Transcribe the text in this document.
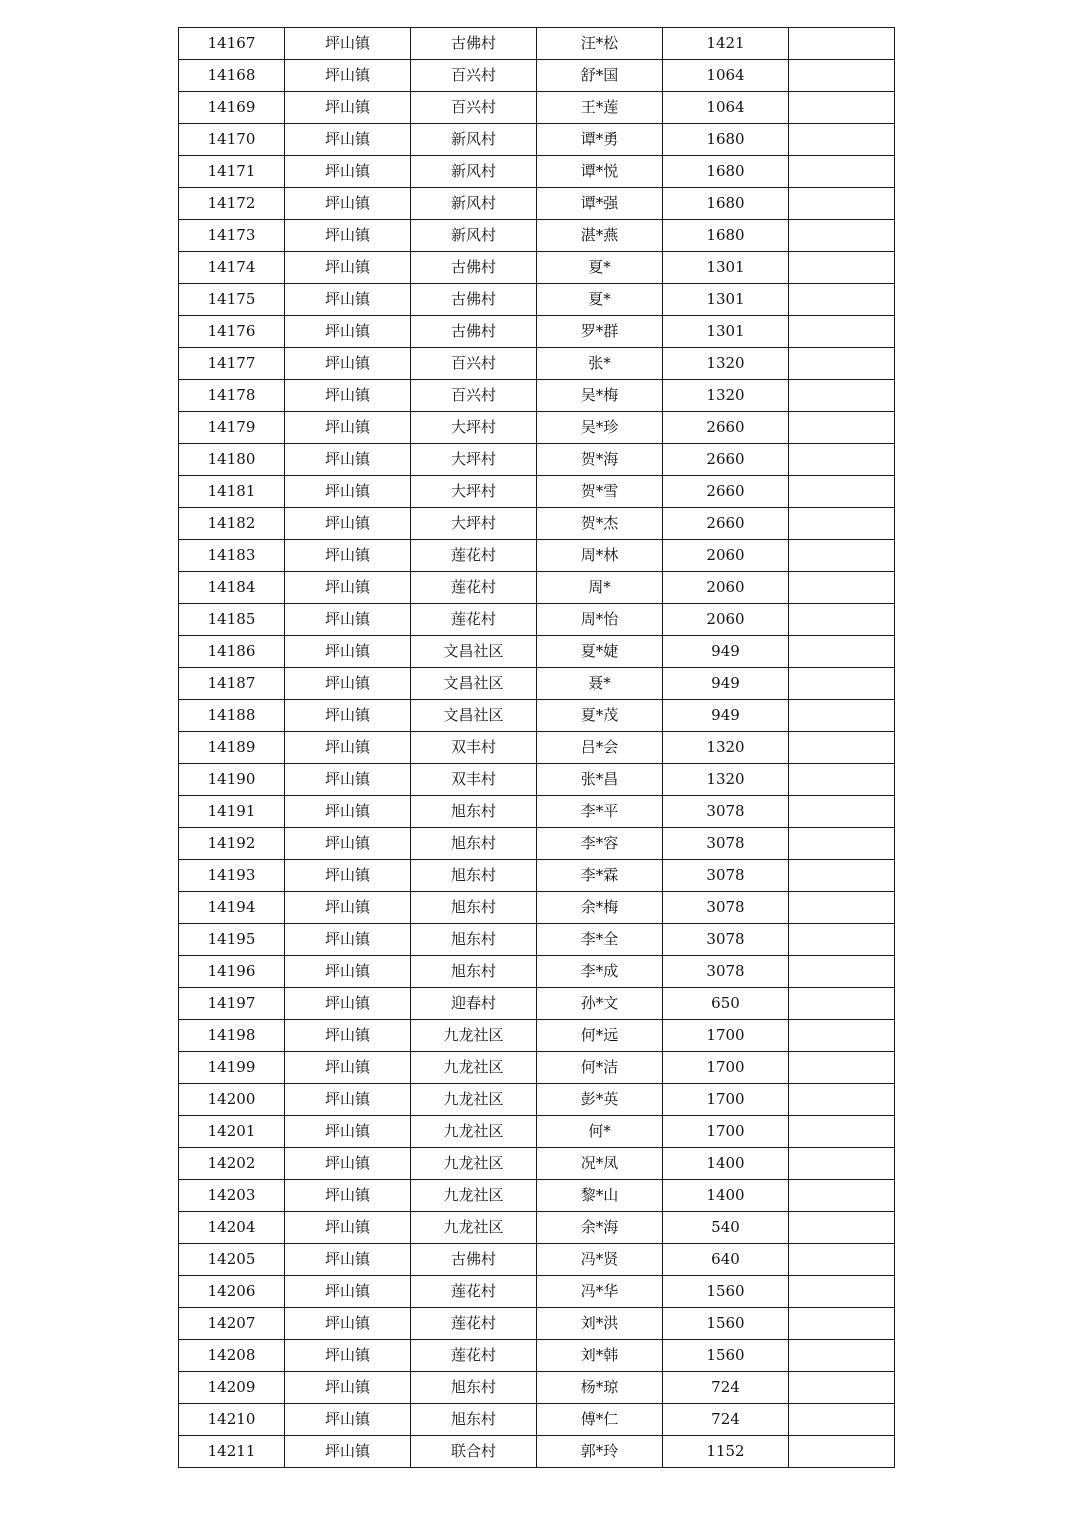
14167	坪山镇	古佛村	汪*松	1421	
14168	坪山镇	百兴村	舒*国	1064	
14169	坪山镇	百兴村	王*莲	1064	
14170	坪山镇	新风村	谭*勇	1680	
14171	坪山镇	新风村	谭*悦	1680	
14172	坪山镇	新风村	谭*强	1680	
14173	坪山镇	新风村	湛*燕	1680	
14174	坪山镇	古佛村	夏*	1301	
14175	坪山镇	古佛村	夏*	1301	
14176	坪山镇	古佛村	罗*群	1301	
14177	坪山镇	百兴村	张*	1320	
14178	坪山镇	百兴村	吴*梅	1320	
14179	坪山镇	大坪村	吴*珍	2660	
14180	坪山镇	大坪村	贺*海	2660	
14181	坪山镇	大坪村	贺*雪	2660	
14182	坪山镇	大坪村	贺*杰	2660	
14183	坪山镇	莲花村	周*林	2060	
14184	坪山镇	莲花村	周*	2060	
14185	坪山镇	莲花村	周*怡	2060	
14186	坪山镇	文昌社区	夏*婕	949	
14187	坪山镇	文昌社区	聂*	949	
14188	坪山镇	文昌社区	夏*茂	949	
14189	坪山镇	双丰村	吕*会	1320	
14190	坪山镇	双丰村	张*昌	1320	
14191	坪山镇	旭东村	李*平	3078	
14192	坪山镇	旭东村	李*容	3078	
14193	坪山镇	旭东村	李*霖	3078	
14194	坪山镇	旭东村	余*梅	3078	
14195	坪山镇	旭东村	李*全	3078	
14196	坪山镇	旭东村	李*成	3078	
14197	坪山镇	迎春村	孙*文	650	
14198	坪山镇	九龙社区	何*远	1700	
14199	坪山镇	九龙社区	何*洁	1700	
14200	坪山镇	九龙社区	彭*英	1700	
14201	坪山镇	九龙社区	何*	1700	
14202	坪山镇	九龙社区	况*凤	1400	
14203	坪山镇	九龙社区	黎*山	1400	
14204	坪山镇	九龙社区	余*海	540	
14205	坪山镇	古佛村	冯*贤	640	
14206	坪山镇	莲花村	冯*华	1560	
14207	坪山镇	莲花村	刘*洪	1560	
14208	坪山镇	莲花村	刘*韩	1560	
14209	坪山镇	旭东村	杨*琼	724	
14210	坪山镇	旭东村	傅*仁	724	
14211	坪山镇	联合村	郭*玲	1152	
